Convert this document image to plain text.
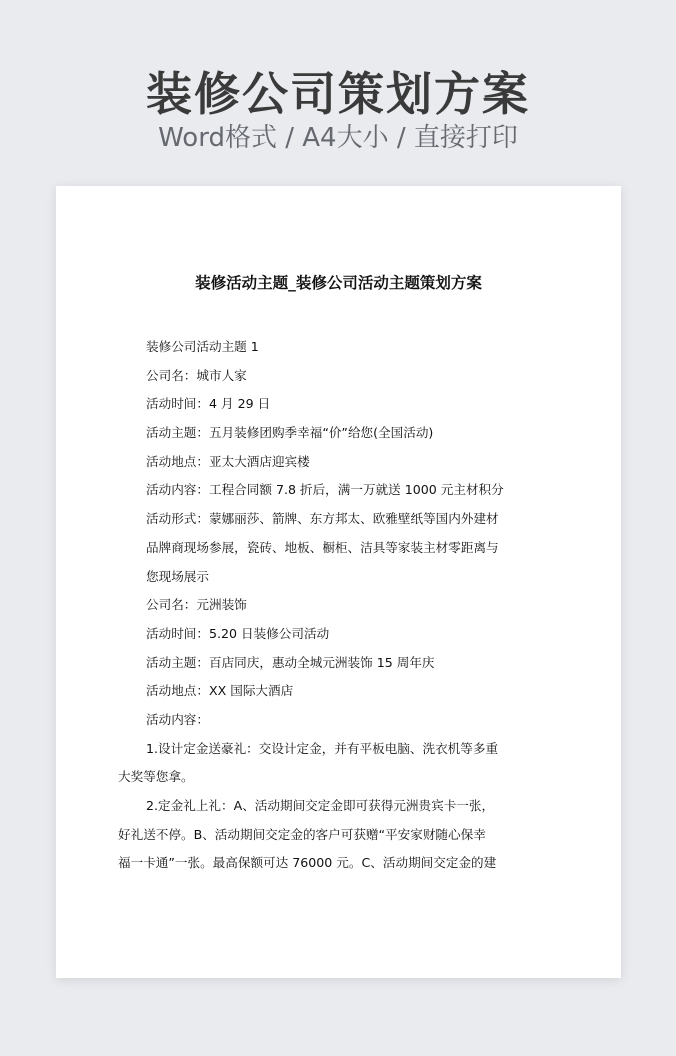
装修公司策划方案
Word格式 / A4大小 / 直接打印
装修活动主题_装修公司活动主题策划方案
装修公司活动主题 1
公司名：城市人家
活动时间：4 月 29 日
活动主题：五月装修团购季幸福“价”给您(全国活动)
活动地点：亚太大酒店迎宾楼
活动内容：工程合同额 7.8 折后，满一万就送 1000 元主材积分
活动形式：蒙娜丽莎、箭牌、东方邦太、欧雅壁纸等国内外建材
品牌商现场参展，瓷砖、地板、橱柜、洁具等家装主材零距离与
您现场展示
公司名：元洲装饰
活动时间：5.20 日装修公司活动
活动主题：百店同庆，惠动全城元洲装饰 15 周年庆
活动地点：XX 国际大酒店
活动内容：
1.设计定金送豪礼：交设计定金，并有平板电脑、洗衣机等多重
大奖等您拿。
2.定金礼上礼：A、活动期间交定金即可获得元洲贵宾卡一张，
好礼送不停。B、活动期间交定金的客户可获赠“平安家财随心保幸
福一卡通”一张。最高保额可达 76000 元。C、活动期间交定金的建
